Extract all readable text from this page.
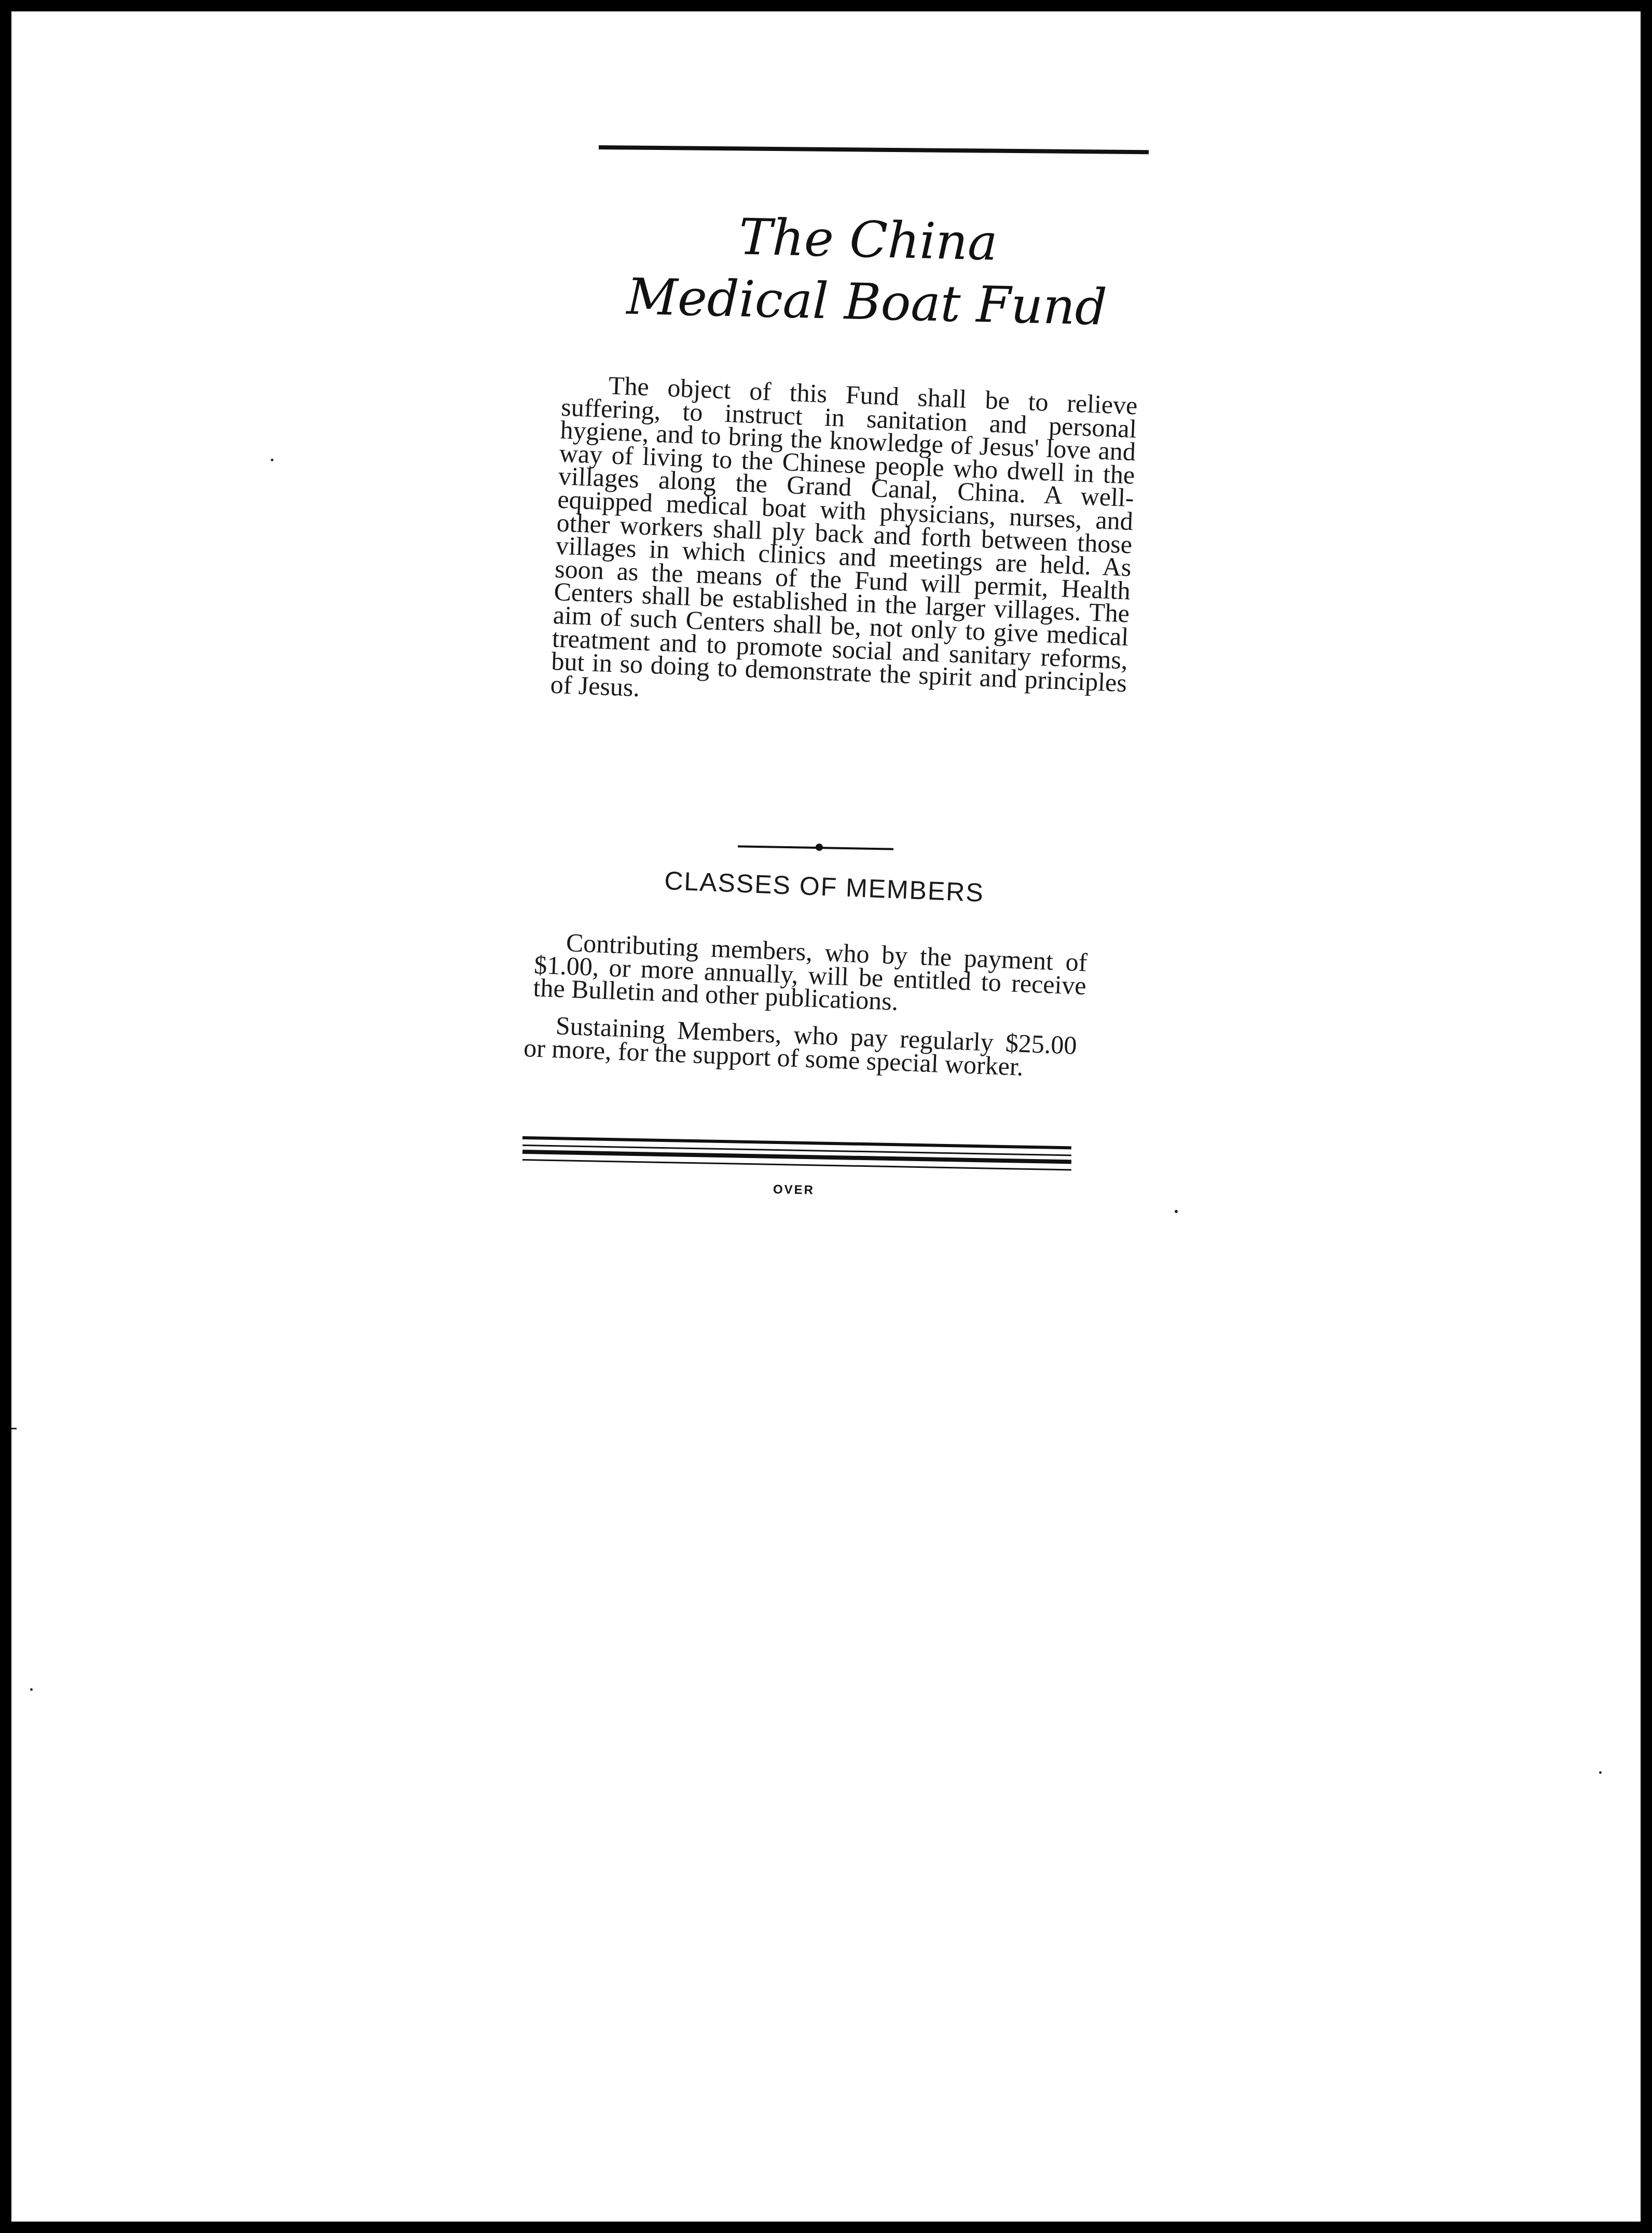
The China
Medical Boat Fund

The object of this Fund shall be to relieve suffering, to instruct in sanitation and personal hygiene, and to bring the knowledge of Jesus' love and way of living to the Chinese people who dwell in the villages along the Grand Canal, China. A well-equipped medical boat with physicians, nurses, and other workers shall ply back and forth between those villages in which clinics and meetings are held. As soon as the means of the Fund will permit, Health Centers shall be established in the larger villages. The aim of such Centers shall be, not only to give medical treatment and to promote social and sanitary reforms, but in so doing to demonstrate the spirit and principles of Jesus.

CLASSES OF MEMBERS

Contributing members, who by the payment of $1.00, or more annually, will be entitled to receive the Bulletin and other publications.

Sustaining Members, who pay regularly $25.00 or more, for the support of some special worker.

OVER
